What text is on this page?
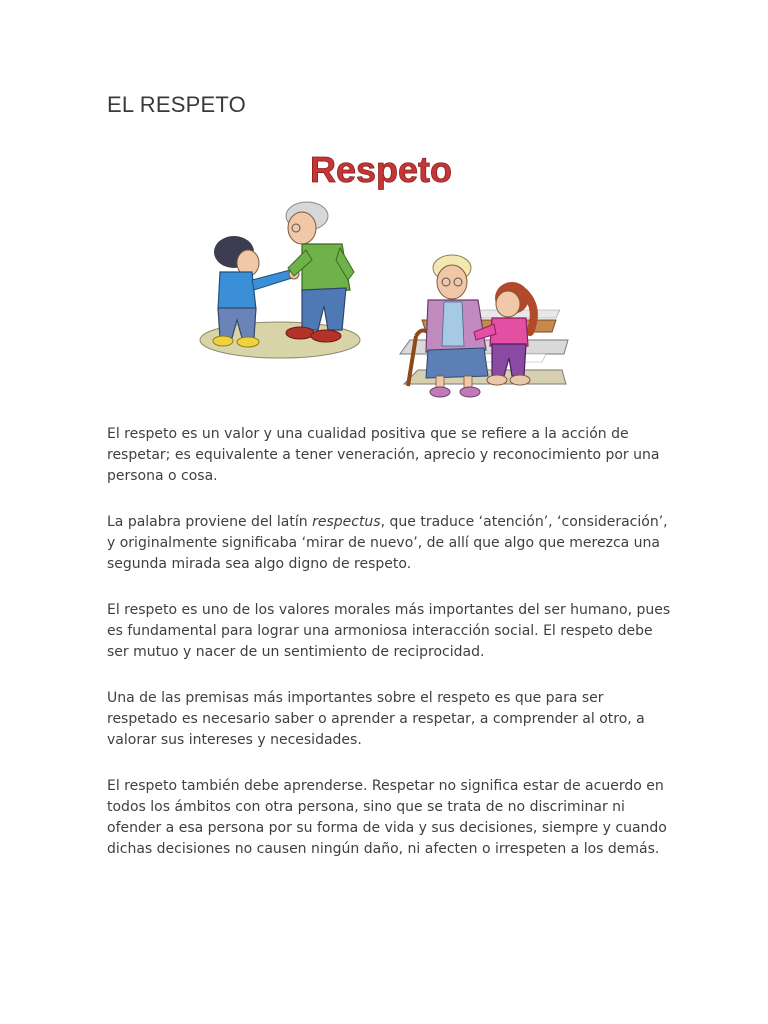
EL RESPETO
Respeto

El respeto es un valor y una cualidad positiva que se refiere a la acción de respetar; es equivalente a tener veneración, aprecio y reconocimiento por una persona o cosa.

La palabra proviene del latín respectus, que traduce ‘atención’, ‘consideración’, y originalmente significaba ‘mirar de nuevo’, de allí que algo que merezca una segunda mirada sea algo digno de respeto.

El respeto es uno de los valores morales más importantes del ser humano, pues es fundamental para lograr una armoniosa interacción social. El respeto debe ser mutuo y nacer de un sentimiento de reciprocidad.

Una de las premisas más importantes sobre el respeto es que para ser respetado es necesario saber o aprender a respetar, a comprender al otro, a valorar sus intereses y necesidades.

El respeto también debe aprenderse. Respetar no significa estar de acuerdo en todos los ámbitos con otra persona, sino que se trata de no discriminar ni ofender a esa persona por su forma de vida y sus decisiones, siempre y cuando dichas decisiones no causen ningún daño, ni afecten o irrespeten a los demás.
